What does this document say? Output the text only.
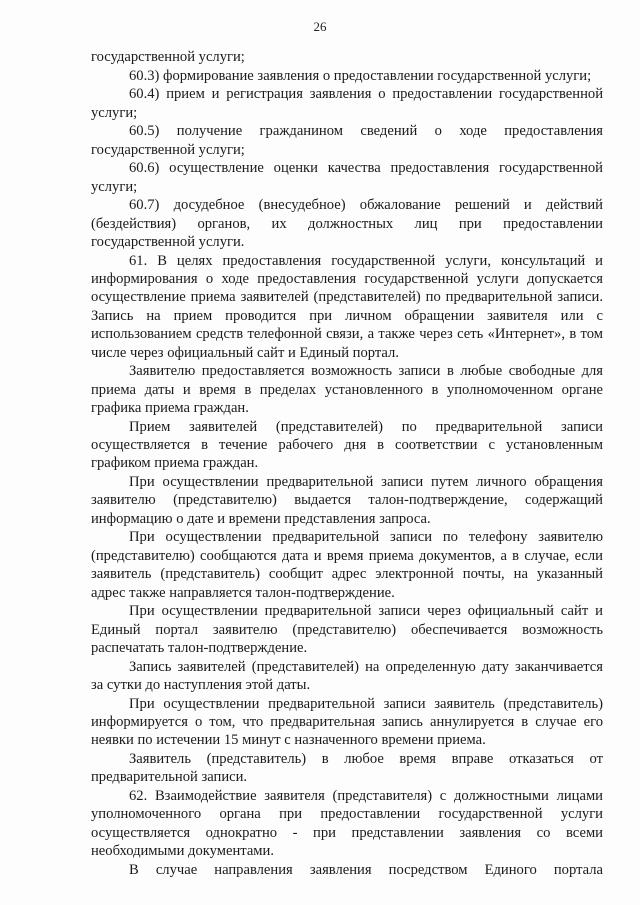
26

государственной услуги;

60.3) формирование заявления о предоставлении государственной услуги;

60.4) прием и регистрация заявления о предоставлении государственной услуги;

60.5) получение гражданином сведений о ходе предоставления государственной услуги;

60.6) осуществление оценки качества предоставления государственной услуги;

60.7) досудебное (внесудебное) обжалование решений и действий (бездействия) органов, их должностных лиц при предоставлении государственной услуги.

61. В целях предоставления государственной услуги, консультаций и информирования о ходе предоставления государственной услуги допускается осуществление приема заявителей (представителей) по предварительной записи. Запись на прием проводится при личном обращении заявителя или с использованием средств телефонной связи, а также через сеть «Интернет», в том числе через официальный сайт и Единый портал.

Заявителю предоставляется возможность записи в любые свободные для приема даты и время в пределах установленного в уполномоченном органе графика приема граждан.

Прием заявителей (представителей) по предварительной записи осуществляется в течение рабочего дня в соответствии с установленным графиком приема граждан.

При осуществлении предварительной записи путем личного обращения заявителю (представителю) выдается талон-подтверждение, содержащий информацию о дате и времени представления запроса.

При осуществлении предварительной записи по телефону заявителю (представителю) сообщаются дата и время приема документов, а в случае, если заявитель (представитель) сообщит адрес электронной почты, на указанный адрес также направляется талон-подтверждение.

При осуществлении предварительной записи через официальный сайт и Единый портал заявителю (представителю) обеспечивается возможность распечатать талон-подтверждение.

Запись заявителей (представителей) на определенную дату заканчивается за сутки до наступления этой даты.

При осуществлении предварительной записи заявитель (представитель) информируется о том, что предварительная запись аннулируется в случае его неявки по истечении 15 минут с назначенного времени приема.

Заявитель (представитель) в любое время вправе отказаться от предварительной записи.

62. Взаимодействие заявителя (представителя) с должностными лицами уполномоченного органа при предоставлении государственной услуги осуществляется однократно - при представлении заявления со всеми необходимыми документами.

В случае направления заявления посредством Единого портала
